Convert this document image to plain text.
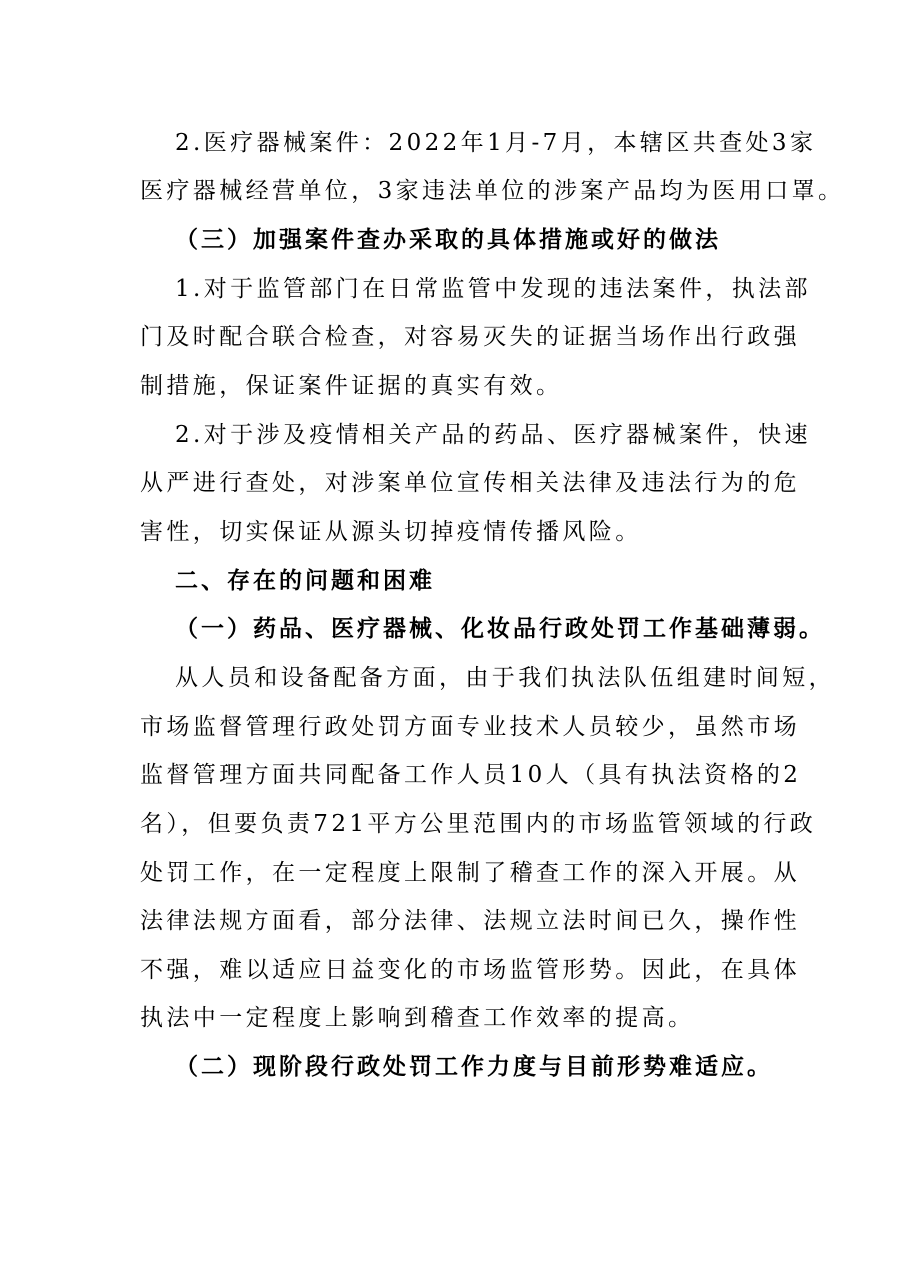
2.医疗器械案件：2022年1月-7月，本辖区共查处3家
医疗器械经营单位，3家违法单位的涉案产品均为医用口罩。
（三）加强案件查办采取的具体措施或好的做法
1.对于监管部门在日常监管中发现的违法案件，执法部
门及时配合联合检查，对容易灭失的证据当场作出行政强
制措施，保证案件证据的真实有效。
2.对于涉及疫情相关产品的药品、医疗器械案件，快速
从严进行查处，对涉案单位宣传相关法律及违法行为的危
害性，切实保证从源头切掉疫情传播风险。
二、存在的问题和困难
（一）药品、医疗器械、化妆品行政处罚工作基础薄弱。
从人员和设备配备方面，由于我们执法队伍组建时间短，
市场监督管理行政处罚方面专业技术人员较少，虽然市场
监督管理方面共同配备工作人员10人（具有执法资格的2
名），但要负责721平方公里范围内的市场监管领域的行政
处罚工作，在一定程度上限制了稽查工作的深入开展。从
法律法规方面看，部分法律、法规立法时间已久，操作性
不强，难以适应日益变化的市场监管形势。因此，在具体
执法中一定程度上影响到稽查工作效率的提高。
（二）现阶段行政处罚工作力度与目前形势难适应。
